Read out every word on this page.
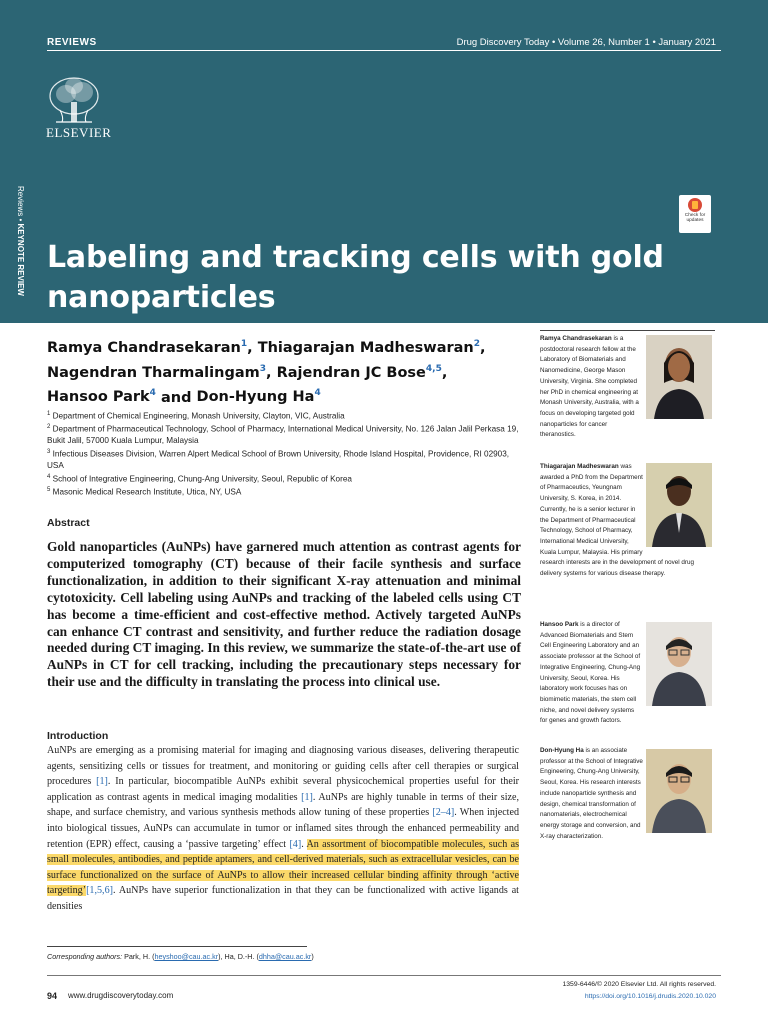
REVIEWS	Drug Discovery Today • Volume 26, Number 1 • January 2021
ELSEVIER
Reviews • KEYNOTE REVIEW
Check for
updates
Labeling and tracking cells with gold nanoparticles
Ramya Chandrasekaran$^1$, Thiagarajan Madheswaran$^2$,
Nagendran Tharmalingam$^3$, Rajendran JC Bose$^{4,5}$,
Hansoo Park$^4$ and Don-Hyung Ha$^4$
$^1$ Department of Chemical Engineering, Monash University, Clayton, VIC, Australia
$^2$ Department of Pharmaceutical Technology, School of Pharmacy, International Medical University, No. 126 Jalan Jalil Perkasa 19, Bukit Jalil, 57000 Kuala Lumpur, Malaysia
$^3$ Infectious Diseases Division, Warren Alpert Medical School of Brown University, Rhode Island Hospital, Providence, RI 02903, USA
$^4$ School of Integrative Engineering, Chung-Ang University, Seoul, Republic of Korea
$^5$ Masonic Medical Research Institute, Utica, NY, USA
Abstract
Gold nanoparticles (AuNPs) have garnered much attention as contrast agents for computerized tomography (CT) because of their facile synthesis and surface functionalization, in addition to their significant X-ray attenuation and minimal cytotoxicity. Cell labeling using AuNPs and tracking of the labeled cells using CT has become a time-efficient and cost-effective method. Actively targeted AuNPs can enhance CT contrast and sensitivity, and further reduce the radiation dosage needed during CT imaging. In this review, we summarize the state-of-the-art use of AuNPs in CT for cell tracking, including the precautionary steps necessary for their use and the difficulty in translating the process into clinical use.
Introduction
AuNPs are emerging as a promising material for imaging and diagnosing various diseases, delivering therapeutic agents, sensitizing cells or tissues for treatment, and monitoring or guiding cells after cell therapies or surgical procedures [1]. In particular, biocompatible AuNPs exhibit several physicochemical properties useful for their application as contrast agents in medical imaging modalities [1]. AuNPs are highly tunable in terms of their size, shape, and surface chemistry, and various synthesis methods allow tuning of these properties [2–4]. When injected into biological tissues, AuNPs can accumulate in tumor or inflamed sites through the enhanced permeability and retention (EPR) effect, causing a ‘passive targeting’ effect [4]. An assortment of biocompatible molecules, such as small molecules, antibodies, and peptide aptamers, and cell-derived materials, such as extracellular vesicles, can be surface functionalized on the surface of AuNPs to allow their increased cellular binding affinity through ‘active targeting’[1,5,6]. AuNPs have superior functionalization in that they can be functionalized with active ligands at densities
Ramya Chandrasekaran is a postdoctoral research fellow at the Laboratory of Biomaterials and Nanomedicine, George Mason University, Virginia. She completed her PhD in chemical engineering at Monash University, Australia, with a focus on developing targeted gold nanoparticles for cancer theranostics.
Thiagarajan Madheswaran was awarded a PhD from the Department of Pharmaceutics, Yeungnam University, S. Korea, in 2014. Currently, he is a senior lecturer in the Department of Pharmaceutical Technology, School of Pharmacy, International Medical University, Kuala Lumpur, Malaysia. His primary research interests are in the development of novel drug delivery systems for various disease therapy.
Hansoo Park is a director of Advanced Biomaterials and Stem Cell Engineering Laboratory and an associate professor at the School of Integrative Engineering, Chung-Ang University, Seoul, Korea. His laboratory work focuses has on biomimetic materials, the stem cell niche, and novel delivery systems for genes and growth factors.
Don-Hyung Ha is an associate professor at the School of Integrative Engineering, Chung-Ang University, Seoul, Korea. His research interests include nanoparticle synthesis and design, chemical transformation of nanomaterials, electrochemical energy storage and conversion, and X-ray characterization.
Corresponding authors: Park, H. (heyshoo@cau.ac.kr), Ha, D.-H. (dhha@cau.ac.kr)
94 www.drugdiscoverytoday.com
1359-6446/© 2020 Elsevier Ltd. All rights reserved.
https://doi.org/10.1016/j.drudis.2020.10.020
